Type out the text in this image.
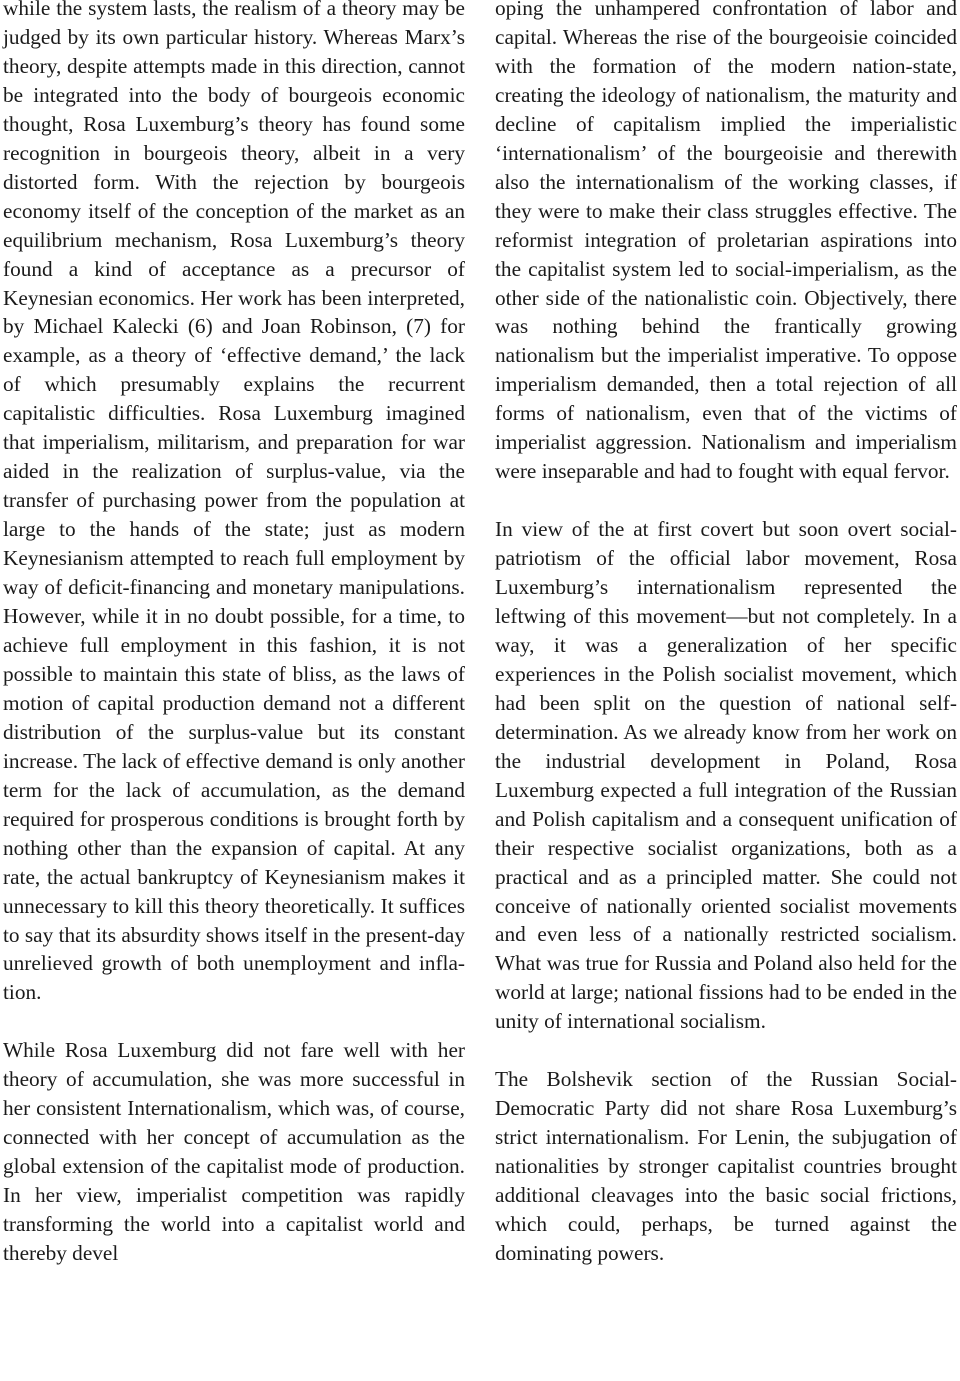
while the system lasts, the realism of a theory may be judged by its own particular history. Whereas Marx’s theory, despite attempts made in this direction, cannot be integrated into the body of bourgeois economic thought, Rosa Luxemburg’s theory has found some recognition in bourgeois theory, albeit in a very distorted form. With the rejection by bourgeois economy itself of the conception of the market as an equilibrium mechanism, Rosa Luxemburg’s theory found a kind of acceptance as a precursor of Keynesian economics. Her work has been interpreted, by Michael Kalecki (6) and Joan Robinson, (7) for example, as a theory of ‘effective demand,’ the lack of which presumably explains the recurrent capitalistic difficulties. Rosa Luxemburg imagined that imperialism, militarism, and preparation for war aided in the realization of surplus-value, via the transfer of purchasing power from the population at large to the hands of the state; just as modern Keynesianism attempted to reach full employment by way of deficit-financing and monetary manipulations. However, while it in no doubt possible, for a time, to achieve full employment in this fashion, it is not possible to maintain this state of bliss, as the laws of motion of capital production demand not a different distribution of the surplus-value but its constant increase. The lack of effective demand is only another term for the lack of accumulation, as the demand required for prosperous conditions is brought forth by nothing other than the expansion of capital. At any rate, the actual bankruptcy of Keynesianism makes it unnecessary to kill this theory theoretically. It suffices to say that its absurdity shows itself in the present-day unrelieved growth of both unemployment and inflation.

While Rosa Luxemburg did not fare well with her theory of accumulation, she was more successful in her consistent Internationalism, which was, of course, connected with her concept of accumulation as the global extension of the capitalist mode of production. In her view, imperialist competition was rapidly transforming the world into a capitalist world and thereby devel

oping the unhampered confrontation of labor and capital. Whereas the rise of the bourgeoisie coincided with the formation of the modern nation-state, creating the ideology of nationalism, the maturity and decline of capitalism implied the imperialistic ‘internationalism’ of the bourgeoisie and therewith also the internationalism of the working classes, if they were to make their class struggles effective. The reformist integration of proletarian aspirations into the capitalist system led to social-imperialism, as the other side of the nationalistic coin. Objectively, there was nothing behind the frantically growing nationalism but the imperialist imperative. To oppose imperialism demanded, then a total rejection of all forms of nationalism, even that of the victims of imperialist aggression. Nationalism and imperialism were inseparable and had to fought with equal fervor.

In view of the at first covert but soon overt social-patriotism of the official labor movement, Rosa Luxemburg’s internationalism represented the leftwing of this movement—but not completely. In a way, it was a generalization of her specific experiences in the Polish socialist movement, which had been split on the question of national self-determination. As we already know from her work on the industrial development in Poland, Rosa Luxemburg expected a full integration of the Russian and Polish capitalism and a consequent unification of their respective socialist organizations, both as a practical and as a principled matter. She could not conceive of nationally oriented socialist movements and even less of a nationally restricted socialism. What was true for Russia and Poland also held for the world at large; national fissions had to be ended in the unity of international socialism.

The Bolshevik section of the Russian Social-Democratic Party did not share Rosa Luxemburg’s strict internationalism. For Lenin, the subjugation of nationalities by stronger capitalist countries brought additional cleavages into the basic social frictions, which could, perhaps, be turned against the dominating powers.
